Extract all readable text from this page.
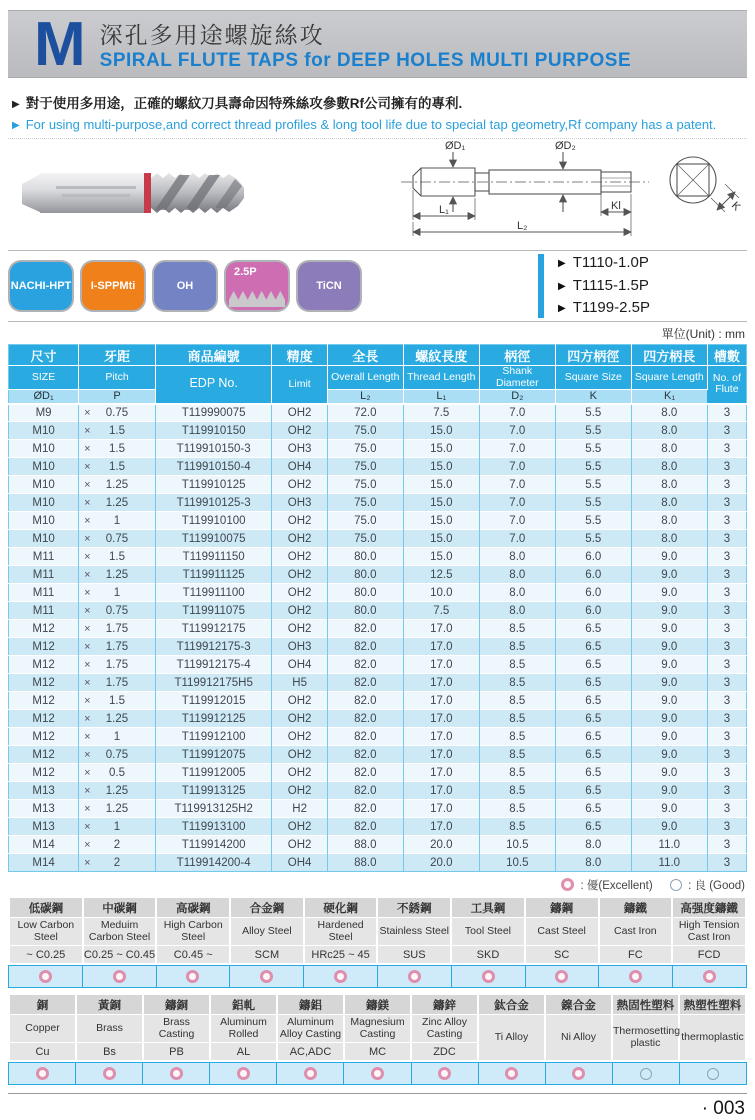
M 深孔多用途螺旋絲攻
SPIRAL FLUTE TAPS for DEEP HOLES MULTI PURPOSE
▶ 對于使用多用途，正確的螺紋刀具壽命因特殊絲攻參數Rf公司擁有的專利.
▶ For using multi-purpose,and correct thread profiles & long tool life due to special tap geometry,Rf company has a patent.
ØD₁	ØD₂
L₁	Kl
L₂
K
NACHI-HPT I-SPPMti	OH
2.5P
TiCN
▶ T1110-1.0P
▶ T1115-1.5P
▶ T1199-2.5P
單位(Unit) : mm
尺寸	牙距	商品編號	精度	全長	螺紋長度	柄徑	四方柄徑	四方柄長	槽數
SIZE	Pitch	EDP No.	Limit	Overall Length	Thread Length	Shank Diameter	Square Size	Square Length	No. of Flute
ØD₁	P			L₂	L₁	D₂	K	K₁	
M9	× 0.75	T119990075	OH2	72.0	7.5	7.0	5.5	8.0	3
M10	× 1.5	T119910150	OH2	75.0	15.0	7.0	5.5	8.0	3
M10	× 1.5	T119910150-3	OH3	75.0	15.0	7.0	5.5	8.0	3
M10	× 1.5	T119910150-4	OH4	75.0	15.0	7.0	5.5	8.0	3
M10	× 1.25	T119910125	OH2	75.0	15.0	7.0	5.5	8.0	3
M10	× 1.25	T119910125-3	OH3	75.0	15.0	7.0	5.5	8.0	3
M10	× 1	T119910100	OH2	75.0	15.0	7.0	5.5	8.0	3
M10	× 0.75	T119910075	OH2	75.0	15.0	7.0	5.5	8.0	3
M11	× 1.5	T119911150	OH2	80.0	15.0	8.0	6.0	9.0	3
M11	× 1.25	T119911125	OH2	80.0	12.5	8.0	6.0	9.0	3
M11	× 1	T119911100	OH2	80.0	10.0	8.0	6.0	9.0	3
M11	× 0.75	T119911075	OH2	80.0	7.5	8.0	6.0	9.0	3
M12	× 1.75	T119912175	OH2	82.0	17.0	8.5	6.5	9.0	3
M12	× 1.75	T119912175-3	OH3	82.0	17.0	8.5	6.5	9.0	3
M12	× 1.75	T119912175-4	OH4	82.0	17.0	8.5	6.5	9.0	3
M12	× 1.75	T119912175H5	H5	82.0	17.0	8.5	6.5	9.0	3
M12	× 1.5	T119912015	OH2	82.0	17.0	8.5	6.5	9.0	3
M12	× 1.25	T119912125	OH2	82.0	17.0	8.5	6.5	9.0	3
M12	× 1	T119912100	OH2	82.0	17.0	8.5	6.5	9.0	3
M12	× 0.75	T119912075	OH2	82.0	17.0	8.5	6.5	9.0	3
M12	× 0.5	T119912005	OH2	82.0	17.0	8.5	6.5	9.0	3
M13	× 1.25	T119913125	OH2	82.0	17.0	8.5	6.5	9.0	3
M13	× 1.25	T119913125H2	H2	82.0	17.0	8.5	6.5	9.0	3
M13	× 1	T119913100	OH2	82.0	17.0	8.5	6.5	9.0	3
M14	× 2	T119914200	OH2	88.0	20.0	10.5	8.0	11.0	3
M14	× 2	T119914200-4	OH4	88.0	20.0	10.5	8.0	11.0	3
: 優(Excellent)	: 良 (Good)
低碳鋼	中碳鋼	高碳鋼	合金鋼	硬化鋼	不銹鋼	工具鋼	鑄鋼	鑄鐵	高强度鑄鐵
Low Carbon Steel	Meduim Carbon Steel	High Carbon Steel	Alloy Steel	Hardened Steel	Stainless Steel	Tool Steel	Cast Steel	Cast Iron	High Tension Cast Iron
~ C0.25	C0.25 ~ C0.45	C0.45 ~	SCM	HRc25 ~ 45	SUS	SKD	SC	FC	FCD
銅	黃銅	鑄銅	鋁軋	鑄鋁	鑄鎂	鑄鋅	鈦合金	鎳合金	熱固性塑料	熱塑性塑料
Copper	Brass	Brass Casting	Aluminum Rolled	Aluminum Alloy Casting	Magnesium Casting	Zinc Alloy Casting	Ti Alloy	Ni Alloy	Thermosetting plastic	thermoplastic
Cu	Bs	PB	AL	AC,ADC	MC	ZDC				
· 003
